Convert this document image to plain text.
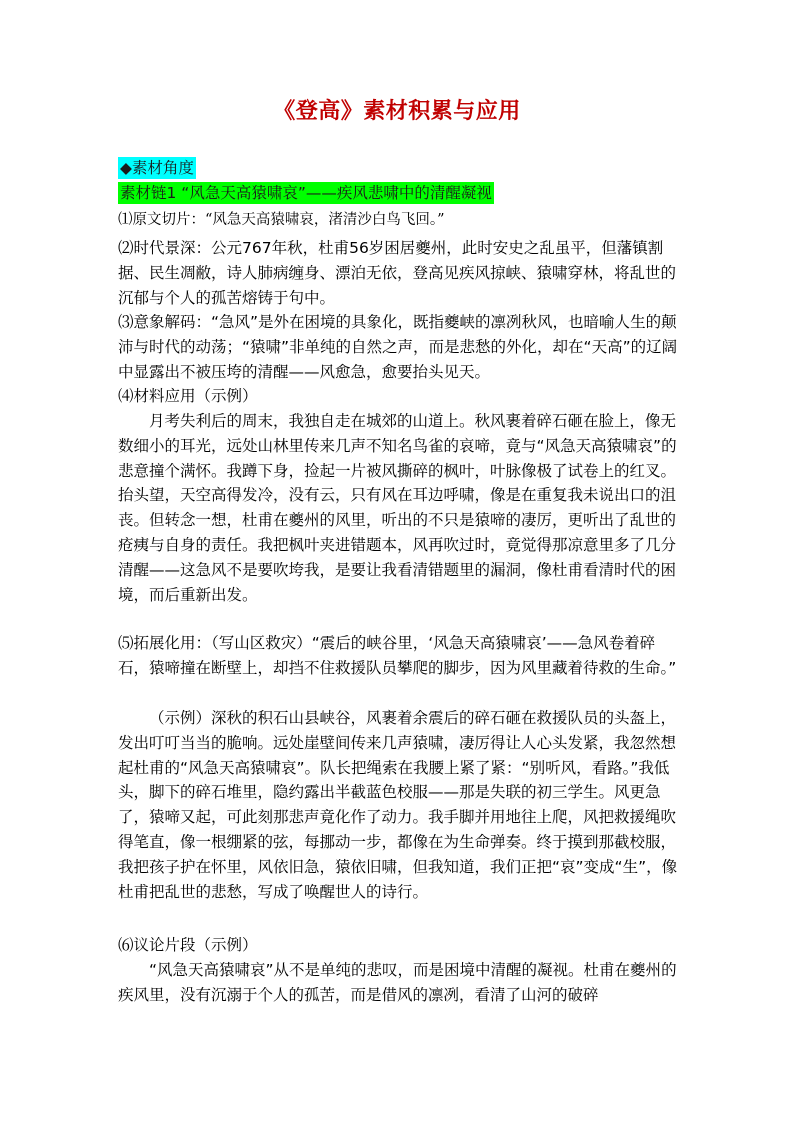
《登高》素材积累与应用
◆素材角度
素材链1 “风急天高猿啸哀”——疾风悲啸中的清醒凝视

⑴原文切片：“风急天高猿啸哀，渚清沙白鸟飞回。”

⑵时代景深：公元767年秋，杜甫56岁困居夔州，此时安史之乱虽平，但藩镇割据、民生凋敝，诗人肺病缠身、漂泊无依，登高见疾风掠峡、猿啸穿林，将乱世的沉郁与个人的孤苦熔铸于句中。

⑶意象解码：“急风”是外在困境的具象化，既指夔峡的凛冽秋风，也暗喻人生的颠沛与时代的动荡；“猿啸”非单纯的自然之声，而是悲愁的外化，却在“天高”的辽阔中显露出不被压垮的清醒——风愈急，愈要抬头见天。

⑷材料应用（示例）

月考失利后的周末，我独自走在城郊的山道上。秋风裹着碎石砸在脸上，像无数细小的耳光，远处山林里传来几声不知名鸟雀的哀啼，竟与“风急天高猿啸哀”的悲意撞个满怀。我蹲下身，捡起一片被风撕碎的枫叶，叶脉像极了试卷上的红叉。抬头望，天空高得发冷，没有云，只有风在耳边呼啸，像是在重复我未说出口的沮丧。但转念一想，杜甫在夔州的风里，听出的不只是猿啼的凄厉，更听出了乱世的疮痍与自身的责任。我把枫叶夹进错题本，风再吹过时，竟觉得那凉意里多了几分清醒——这急风不是要吹垮我，是要让我看清错题里的漏洞，像杜甫看清时代的困境，而后重新出发。

⑸拓展化用：（写山区救灾）“震后的峡谷里，‘风急天高猿啸哀’——急风卷着碎石，猿啼撞在断壁上，却挡不住救援队员攀爬的脚步，因为风里藏着待救的生命。”

（示例）深秋的积石山县峡谷，风裹着余震后的碎石砸在救援队员的头盔上，发出叮叮当当的脆响。远处崖壁间传来几声猿啸，凄厉得让人心头发紧，我忽然想起杜甫的“风急天高猿啸哀”。队长把绳索在我腰上紧了紧：“别听风，看路。”我低头，脚下的碎石堆里，隐约露出半截蓝色校服——那是失联的初三学生。风更急了，猿啼又起，可此刻那悲声竟化作了动力。我手脚并用地往上爬，风把救援绳吹得笔直，像一根绷紧的弦，每挪动一步，都像在为生命弹奏。终于摸到那截校服，我把孩子护在怀里，风依旧急，猿依旧啸，但我知道，我们正把“哀”变成“生”，像杜甫把乱世的悲愁，写成了唤醒世人的诗行。

⑹议论片段（示例）

“风急天高猿啸哀”从不是单纯的悲叹，而是困境中清醒的凝视。杜甫在夔州的疾风里，没有沉溺于个人的孤苦，而是借风的凛冽，看清了山河的破碎
